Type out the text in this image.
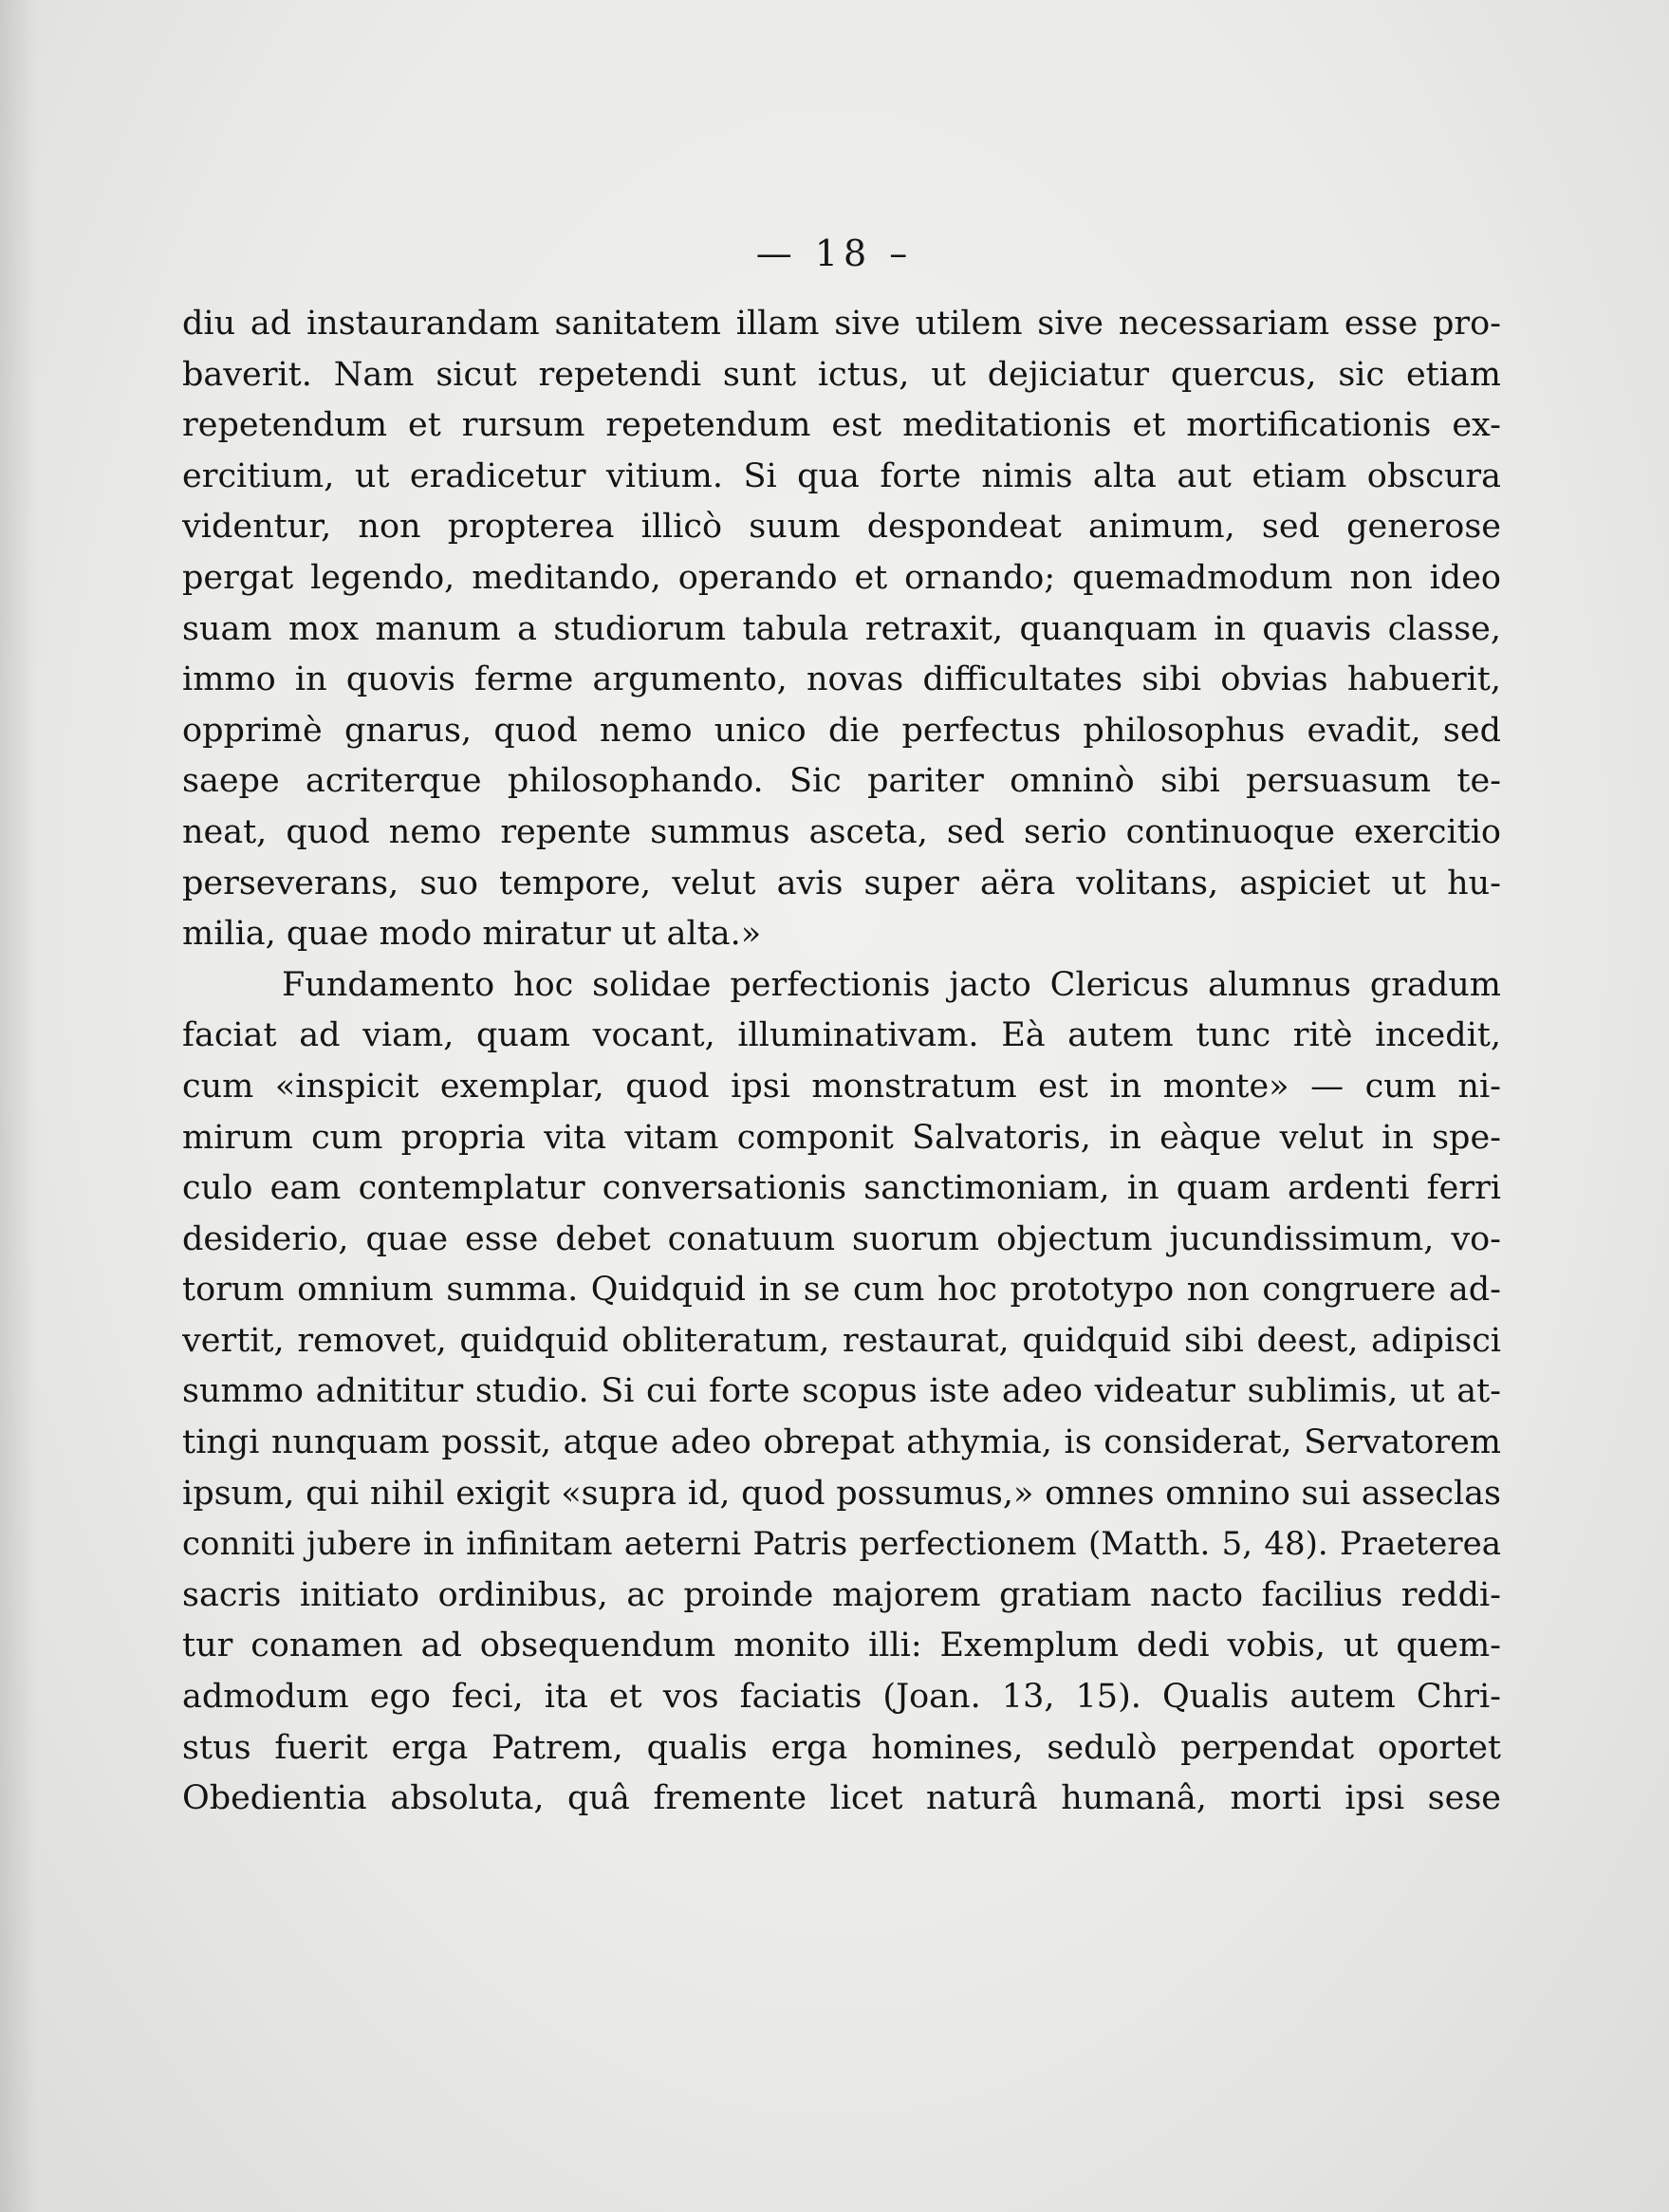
— 18 –
diu ad instaurandam sanitatem illam sive utilem sive necessariam esse pro-
baverit. Nam sicut repetendi sunt ictus, ut dejiciatur quercus, sic etiam
repetendum et rursum repetendum est meditationis et mortificationis ex-
ercitium, ut eradicetur vitium. Si qua forte nimis alta aut etiam obscura
videntur, non propterea illicò suum despondeat animum, sed generose
pergat legendo, meditando, operando et ornando; quemadmodum non ideo
suam mox manum a studiorum tabula retraxit, quanquam in quavis classe,
immo in quovis ferme argumento, novas difficultates sibi obvias habuerit,
opprimè gnarus, quod nemo unico die perfectus philosophus evadit, sed
saepe acriterque philosophando. Sic pariter omninò sibi persuasum te-
neat, quod nemo repente summus asceta, sed serio continuoque exercitio
perseverans, suo tempore, velut avis super aëra volitans, aspiciet ut hu-
milia, quae modo miratur ut alta.»
Fundamento hoc solidae perfectionis jacto Clericus alumnus gradum
faciat ad viam, quam vocant, illuminativam. Eà autem tunc ritè incedit,
cum «inspicit exemplar, quod ipsi monstratum est in monte» — cum ni-
mirum cum propria vita vitam componit Salvatoris, in eàque velut in spe-
culo eam contemplatur conversationis sanctimoniam, in quam ardenti ferri
desiderio, quae esse debet conatuum suorum objectum jucundissimum, vo-
torum omnium summa. Quidquid in se cum hoc prototypo non congruere ad-
vertit, removet, quidquid obliteratum, restaurat, quidquid sibi deest, adipisci
summo adnititur studio. Si cui forte scopus iste adeo videatur sublimis, ut at-
tingi nunquam possit, atque adeo obrepat athymia, is considerat, Servatorem
ipsum, qui nihil exigit «supra id, quod possumus,» omnes omnino sui asseclas
conniti jubere in infinitam aeterni Patris perfectionem (Matth. 5, 48). Praeterea
sacris initiato ordinibus, ac proinde majorem gratiam nacto facilius reddi-
tur conamen ad obsequendum monito illi: Exemplum dedi vobis, ut quem-
admodum ego feci, ita et vos faciatis (Joan. 13, 15). Qualis autem Chri-
stus fuerit erga Patrem, qualis erga homines, sedulò perpendat oportet
Obedientia absoluta, quâ fremente licet naturâ humanâ, morti ipsi sese
